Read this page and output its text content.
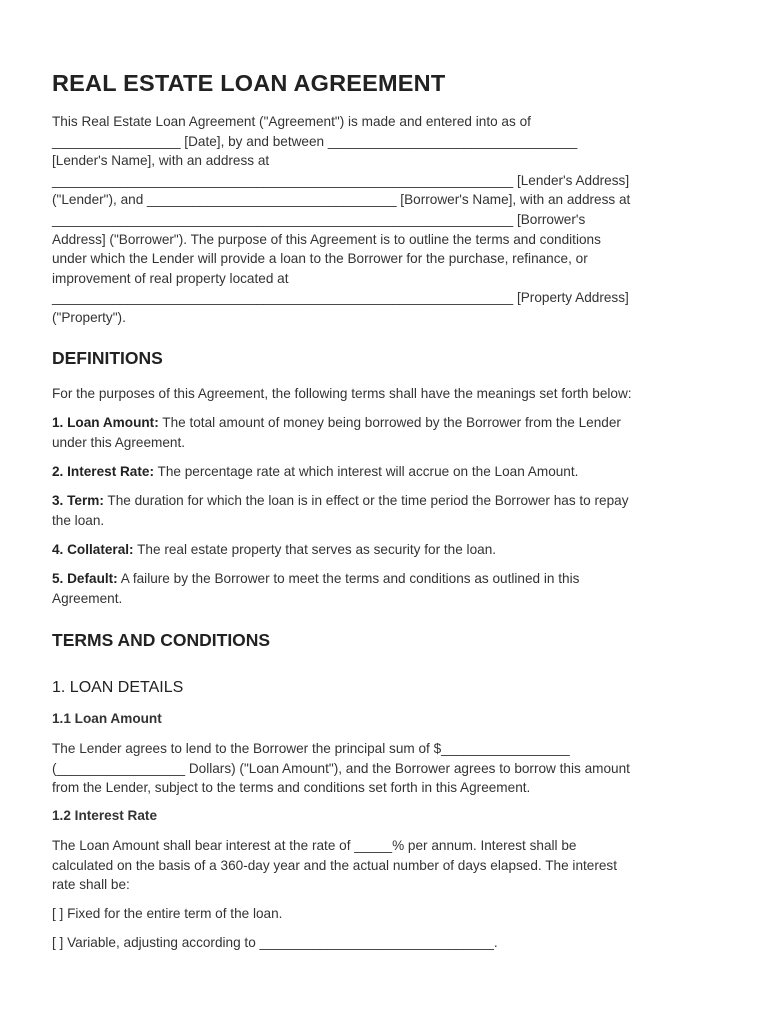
REAL ESTATE LOAN AGREEMENT
This Real Estate Loan Agreement ("Agreement") is made and entered into as of
_________________ [Date], by and between _________________________________
[Lender's Name], with an address at
_____________________________________________________________ [Lender's Address]
("Lender"), and _________________________________ [Borrower's Name], with an address at
_____________________________________________________________ [Borrower's
Address] ("Borrower"). The purpose of this Agreement is to outline the terms and conditions
under which the Lender will provide a loan to the Borrower for the purchase, refinance, or
improvement of real property located at
_____________________________________________________________ [Property Address]
("Property").
DEFINITIONS

For the purposes of this Agreement, the following terms shall have the meanings set forth below:

1. Loan Amount: The total amount of money being borrowed by the Borrower from the Lender
under this Agreement.

2. Interest Rate: The percentage rate at which interest will accrue on the Loan Amount.

3. Term: The duration for which the loan is in effect or the time period the Borrower has to repay
the loan.

4. Collateral: The real estate property that serves as security for the loan.

5. Default: A failure by the Borrower to meet the terms and conditions as outlined in this
Agreement.

TERMS AND CONDITIONS
1. LOAN DETAILS
1.1 Loan Amount

The Lender agrees to lend to the Borrower the principal sum of $_________________
(_________________ Dollars) ("Loan Amount"), and the Borrower agrees to borrow this amount
from the Lender, subject to the terms and conditions set forth in this Agreement.

1.2 Interest Rate

The Loan Amount shall bear interest at the rate of _____% per annum. Interest shall be
calculated on the basis of a 360-day year and the actual number of days elapsed. The interest
rate shall be:

[ ] Fixed for the entire term of the loan.

[ ] Variable, adjusting according to _______________________________.
